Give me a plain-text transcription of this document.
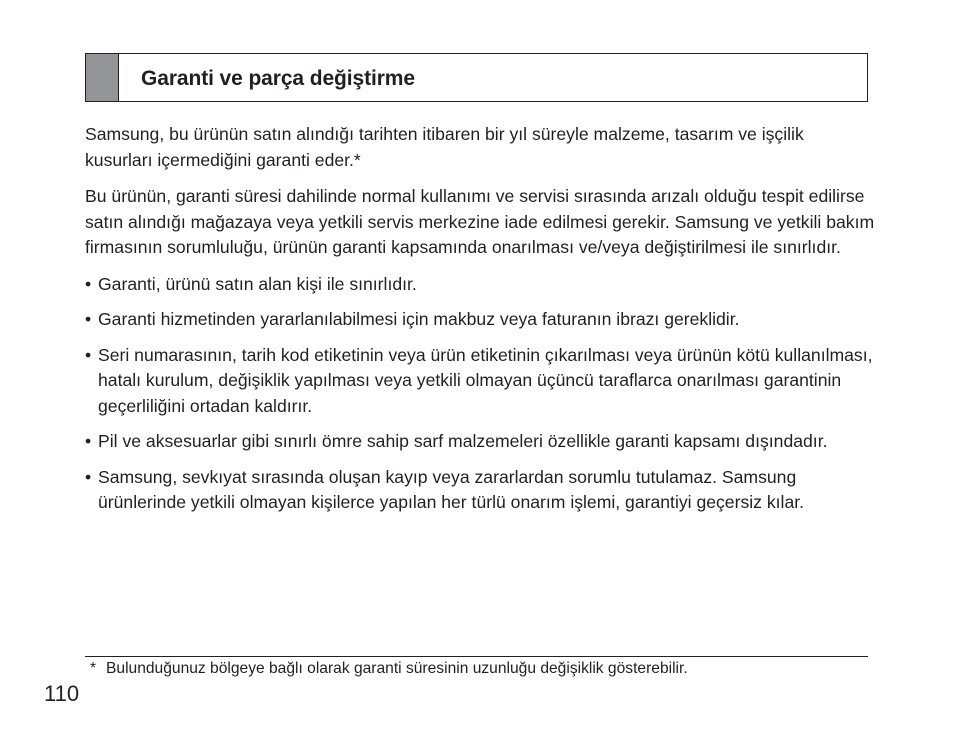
Garanti ve parça değiştirme

Samsung, bu ürünün satın alındığı tarihten itibaren bir yıl süreyle malzeme, tasarım ve işçilik kusurları içermediğini garanti eder.*

Bu ürünün, garanti süresi dahilinde normal kullanımı ve servisi sırasında arızalı olduğu tespit edilirse satın alındığı mağazaya veya yetkili servis merkezine iade edilmesi gerekir. Samsung ve yetkili bakım firmasının sorumluluğu, ürünün garanti kapsamında onarılması ve/veya değiştirilmesi ile sınırlıdır.

• Garanti, ürünü satın alan kişi ile sınırlıdır.
• Garanti hizmetinden yararlanılabilmesi için makbuz veya faturanın ibrazı gereklidir.
• Seri numarasının, tarih kod etiketinin veya ürün etiketinin çıkarılması veya ürünün kötü kullanılması, hatalı kurulum, değişiklik yapılması veya yetkili olmayan üçüncü taraflarca onarılması garantinin geçerliliğini ortadan kaldırır.
• Pil ve aksesuarlar gibi sınırlı ömre sahip sarf malzemeleri özellikle garanti kapsamı dışındadır.
• Samsung, sevkıyat sırasında oluşan kayıp veya zararlardan sorumlu tutulamaz. Samsung ürünlerinde yetkili olmayan kişilerce yapılan her türlü onarım işlemi, garantiyi geçersiz kılar.
* Bulunduğunuz bölgeye bağlı olarak garanti süresinin uzunluğu değişiklik gösterebilir.
110
